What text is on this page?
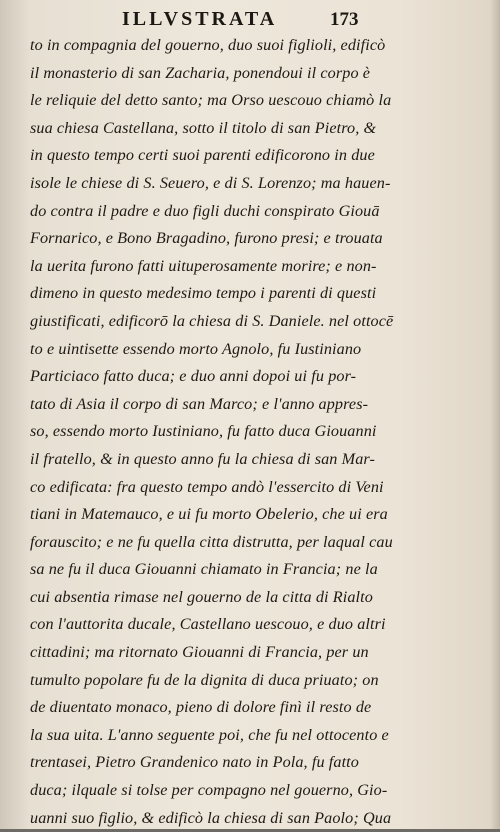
ILLVSTRATA	173
to in compagnia del gouerno, duo suoi figlioli, edificò
il monasterio di san Zacharia, ponendoui il corpo è
le reliquie del detto santo; ma Orso uescouo chiamò la
sua chiesa Castellana, sotto il titolo di san Pietro, &
in questo tempo certi suoi parenti edificorono in due
isole le chiese di S. Seuero, e di S. Lorenzo; ma hauen-
do contra il padre e duo figli duchi conspirato Giouā
Fornarico, e Bono Bragadino, furono presi; e trouata
la uerita furono fatti uituperosamente morire; e non-
dimeno in questo medesimo tempo i parenti di questi
giustificati, edificorō la chiesa di S. Daniele. nel ottocē
to e uintisette essendo morto Agnolo, fu Iustiniano
Particiaco fatto duca; e duo anni dopoi ui fu por-
tato di Asia il corpo di san Marco; e l'anno appres-
so, essendo morto Iustiniano, fu fatto duca Giouanni
il fratello, & in questo anno fu la chiesa di san Mar-
co edificata: fra questo tempo andò l'essercito di Veni
tiani in Matemauco, e ui fu morto Obelerio, che ui era
forauscito; e ne fu quella citta distrutta, per laqual cau
sa ne fu il duca Giouanni chiamato in Francia; ne la
cui absentia rimase nel gouerno de la citta di Rialto
con l'auttorita ducale, Castellano uescouo, e duo altri
cittadini; ma ritornato Giouanni di Francia, per un
tumulto popolare fu de la dignita di duca priuato; on
de diuentato monaco, pieno di dolore finì il resto de
la sua uita. L'anno seguente poi, che fu nel ottocento e
trentasei, Pietro Grandenico nato in Pola, fu fatto
duca; ilquale si tolse per compagno nel gouerno, Gio-
uanni suo figlio, & edificò la chiesa di san Paolo; Qua
